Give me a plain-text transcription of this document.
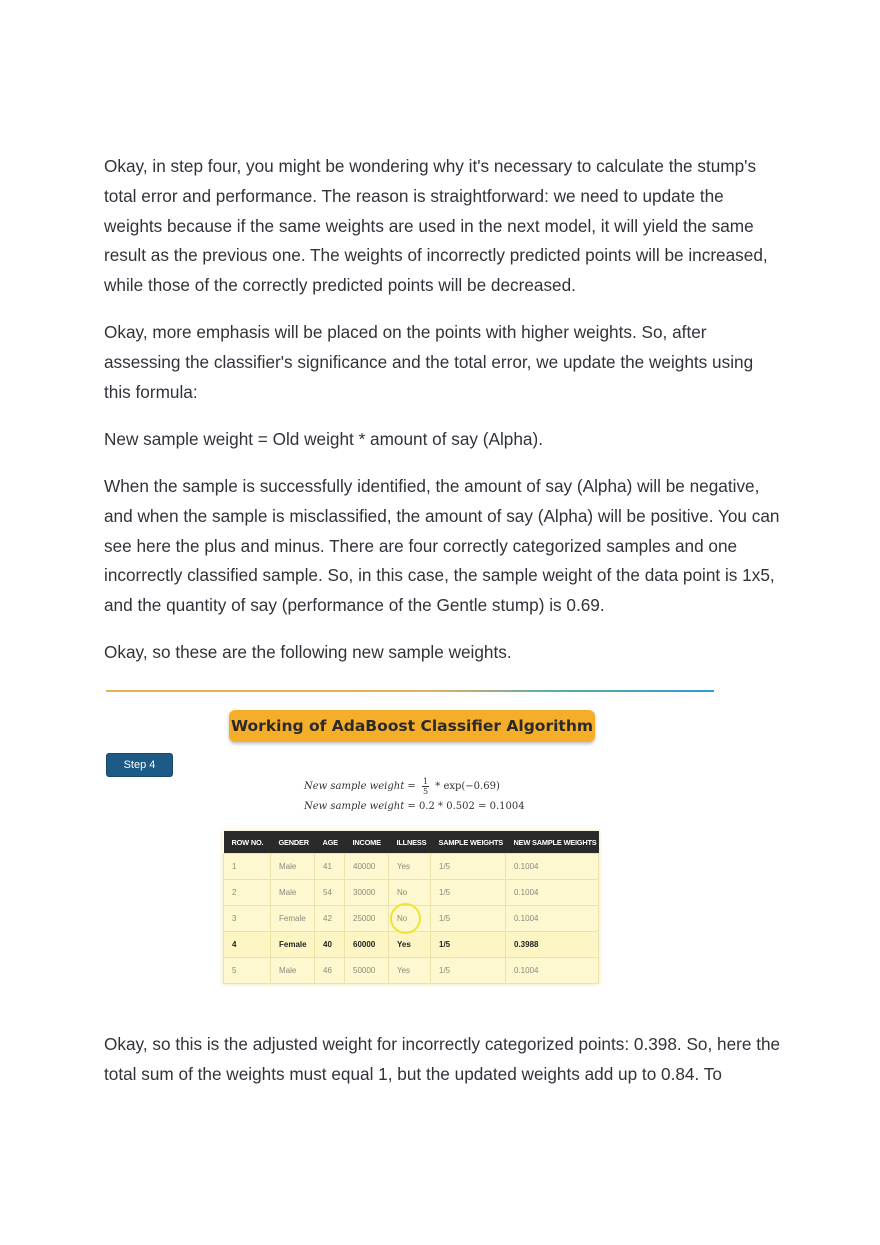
Okay, in step four, you might be wondering why it's necessary to calculate the stump's total error and performance. The reason is straightforward: we need to update the weights because if the same weights are used in the next model, it will yield the same result as the previous one. The weights of incorrectly predicted points will be increased, while those of the correctly predicted points will be decreased.

Okay, more emphasis will be placed on the points with higher weights. So, after assessing the classifier's significance and the total error, we update the weights using this formula:

New sample weight = Old weight * amount of say (Alpha).

When the sample is successfully identified, the amount of say (Alpha) will be negative, and when the sample is misclassified, the amount of say (Alpha) will be positive. You can see here the plus and minus. There are four correctly categorized samples and one incorrectly classified sample. So, in this case, the sample weight of the data point is 1x5, and the quantity of say (performance of the Gentle stump) is 0.69.

Okay, so these are the following new sample weights.

Working of AdaBoost Classifier Algorithm
Step 4
New sample weight = $\frac{1}{5} * \exp(-0.69)$
New sample weight = 0.2 * 0.502 = 0.1004
ROW NO.	GENDER	AGE	INCOME	ILLNESS	SAMPLE WEIGHTS	NEW SAMPLE WEIGHTS
1	Male	41	40000	Yes	1/5	0.1004
2	Male	54	30000	No	1/5	0.1004
3	Female	42	25000	No	1/5	0.1004
4	Female	40	60000	Yes	1/5	0.3988
5	Male	46	50000	Yes	1/5	0.1004

Okay, so this is the adjusted weight for incorrectly categorized points: 0.398. So, here the total sum of the weights must equal 1, but the updated weights add up to 0.84. To
